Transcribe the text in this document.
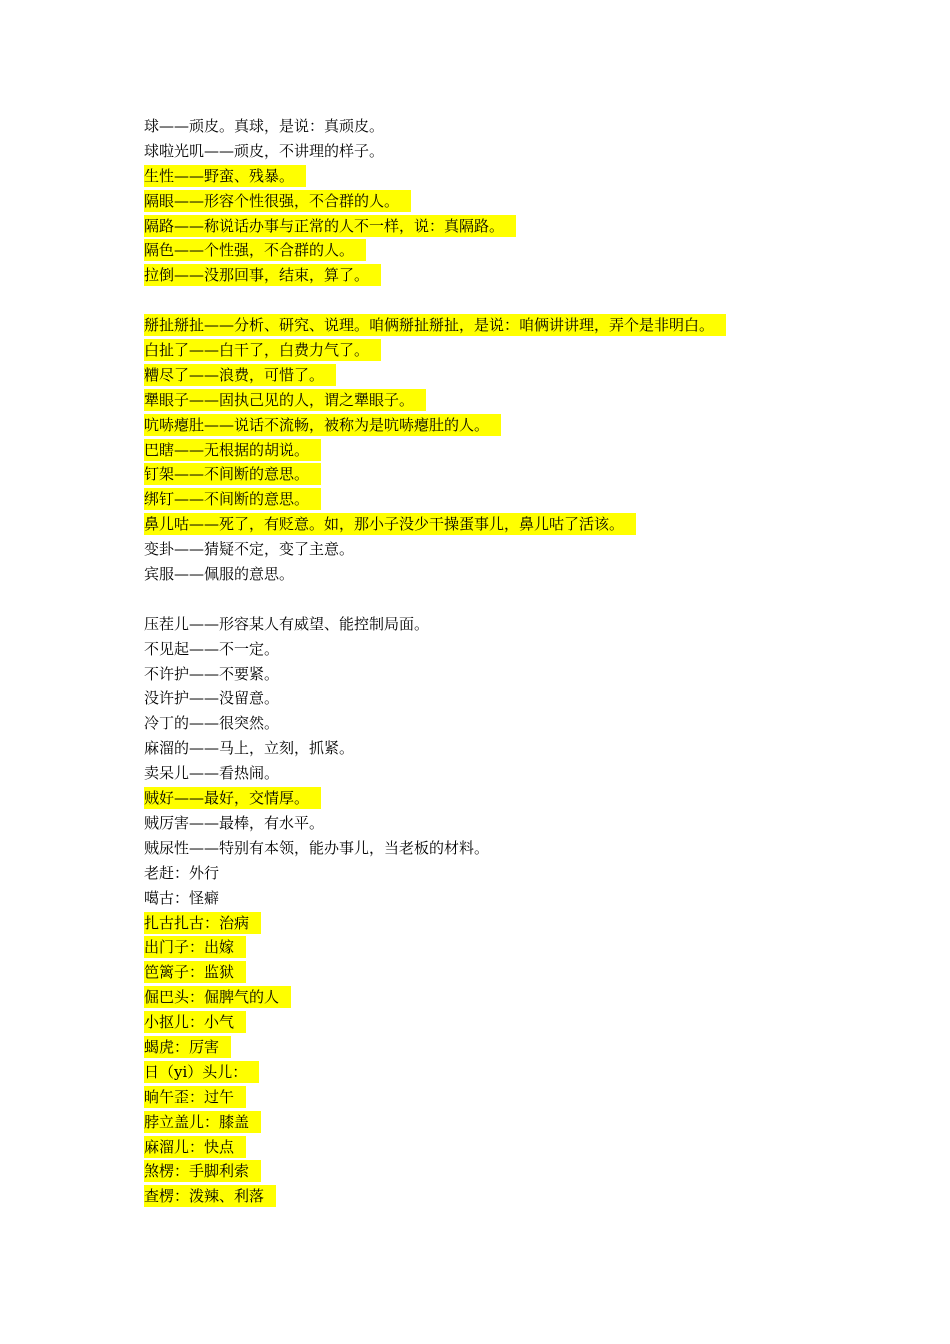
球——顽皮。真球，是说：真顽皮。
球啦光叽——顽皮，不讲理的样子。
生性——野蛮、残暴。
隔眼——形容个性很强，不合群的人。
隔路——称说话办事与正常的人不一样，说：真隔路。
隔色——个性强，不合群的人。
拉倒——没那回事，结束，算了。
掰扯掰扯——分析、研究、说理。咱俩掰扯掰扯，是说：咱俩讲讲理，弄个是非明白。
白扯了——白干了，白费力气了。
糟尽了——浪费，可惜了。
犟眼子——固执己见的人，谓之犟眼子。
吭哧瘪肚——说话不流畅，被称为是吭哧瘪肚的人。
巴瞎——无根据的胡说。
钉架——不间断的意思。
绑钉——不间断的意思。
鼻儿咕——死了，有贬意。如，那小子没少干操蛋事儿，鼻儿咕了活该。
变卦——猜疑不定，变了主意。
宾服——佩服的意思。
压茬儿——形容某人有威望、能控制局面。
不见起——不一定。
不许护——不要紧。
没许护——没留意。
冷丁的——很突然。
麻溜的——马上，立刻，抓紧。
卖呆儿——看热闹。
贼好——最好，交情厚。
贼厉害——最棒，有水平。
贼尿性——特别有本领，能办事儿，当老板的材料。
老赶：外行
噶古：怪癖
扎古扎古：治病
出门子：出嫁
笆篱子：监狱
倔巴头：倔脾气的人
小抠儿：小气
蝎虎：厉害
日（yi）头儿：
晌午歪：过午
脖立盖儿：膝盖
麻溜儿：快点
煞楞：手脚利索
查楞：泼辣、利落
